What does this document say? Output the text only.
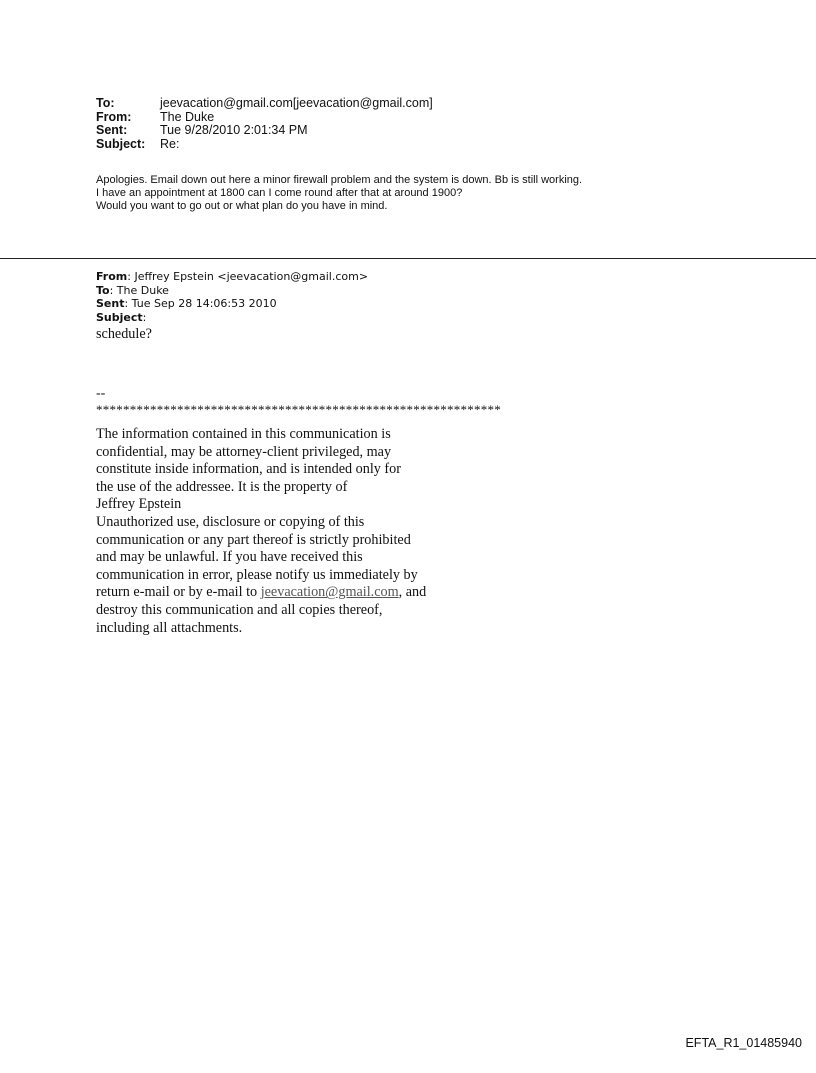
To:	jeevacation@gmail.com[jeevacation@gmail.com]
From:	The Duke
Sent:	Tue 9/28/2010 2:01:34 PM
Subject:	Re:
Apologies. Email down out here a minor firewall problem and the system is down. Bb is still working.
I have an appointment at 1800 can I come round after that at around 1900?
Would you want to go out or what plan do you have in mind.
From: Jeffrey Epstein <jeevacation@gmail.com>
To: The Duke
Sent: Tue Sep 28 14:06:53 2010
Subject:
schedule?
--
************************************************************
The information contained in this communication is
confidential, may be attorney-client privileged, may
constitute inside information, and is intended only for
the use of the addressee. It is the property of
Jeffrey Epstein
Unauthorized use, disclosure or copying of this
communication or any part thereof is strictly prohibited
and may be unlawful. If you have received this
communication in error, please notify us immediately by
return e-mail or by e-mail to jeevacation@gmail.com, and
destroy this communication and all copies thereof,
including all attachments.
EFTA_R1_01485940
